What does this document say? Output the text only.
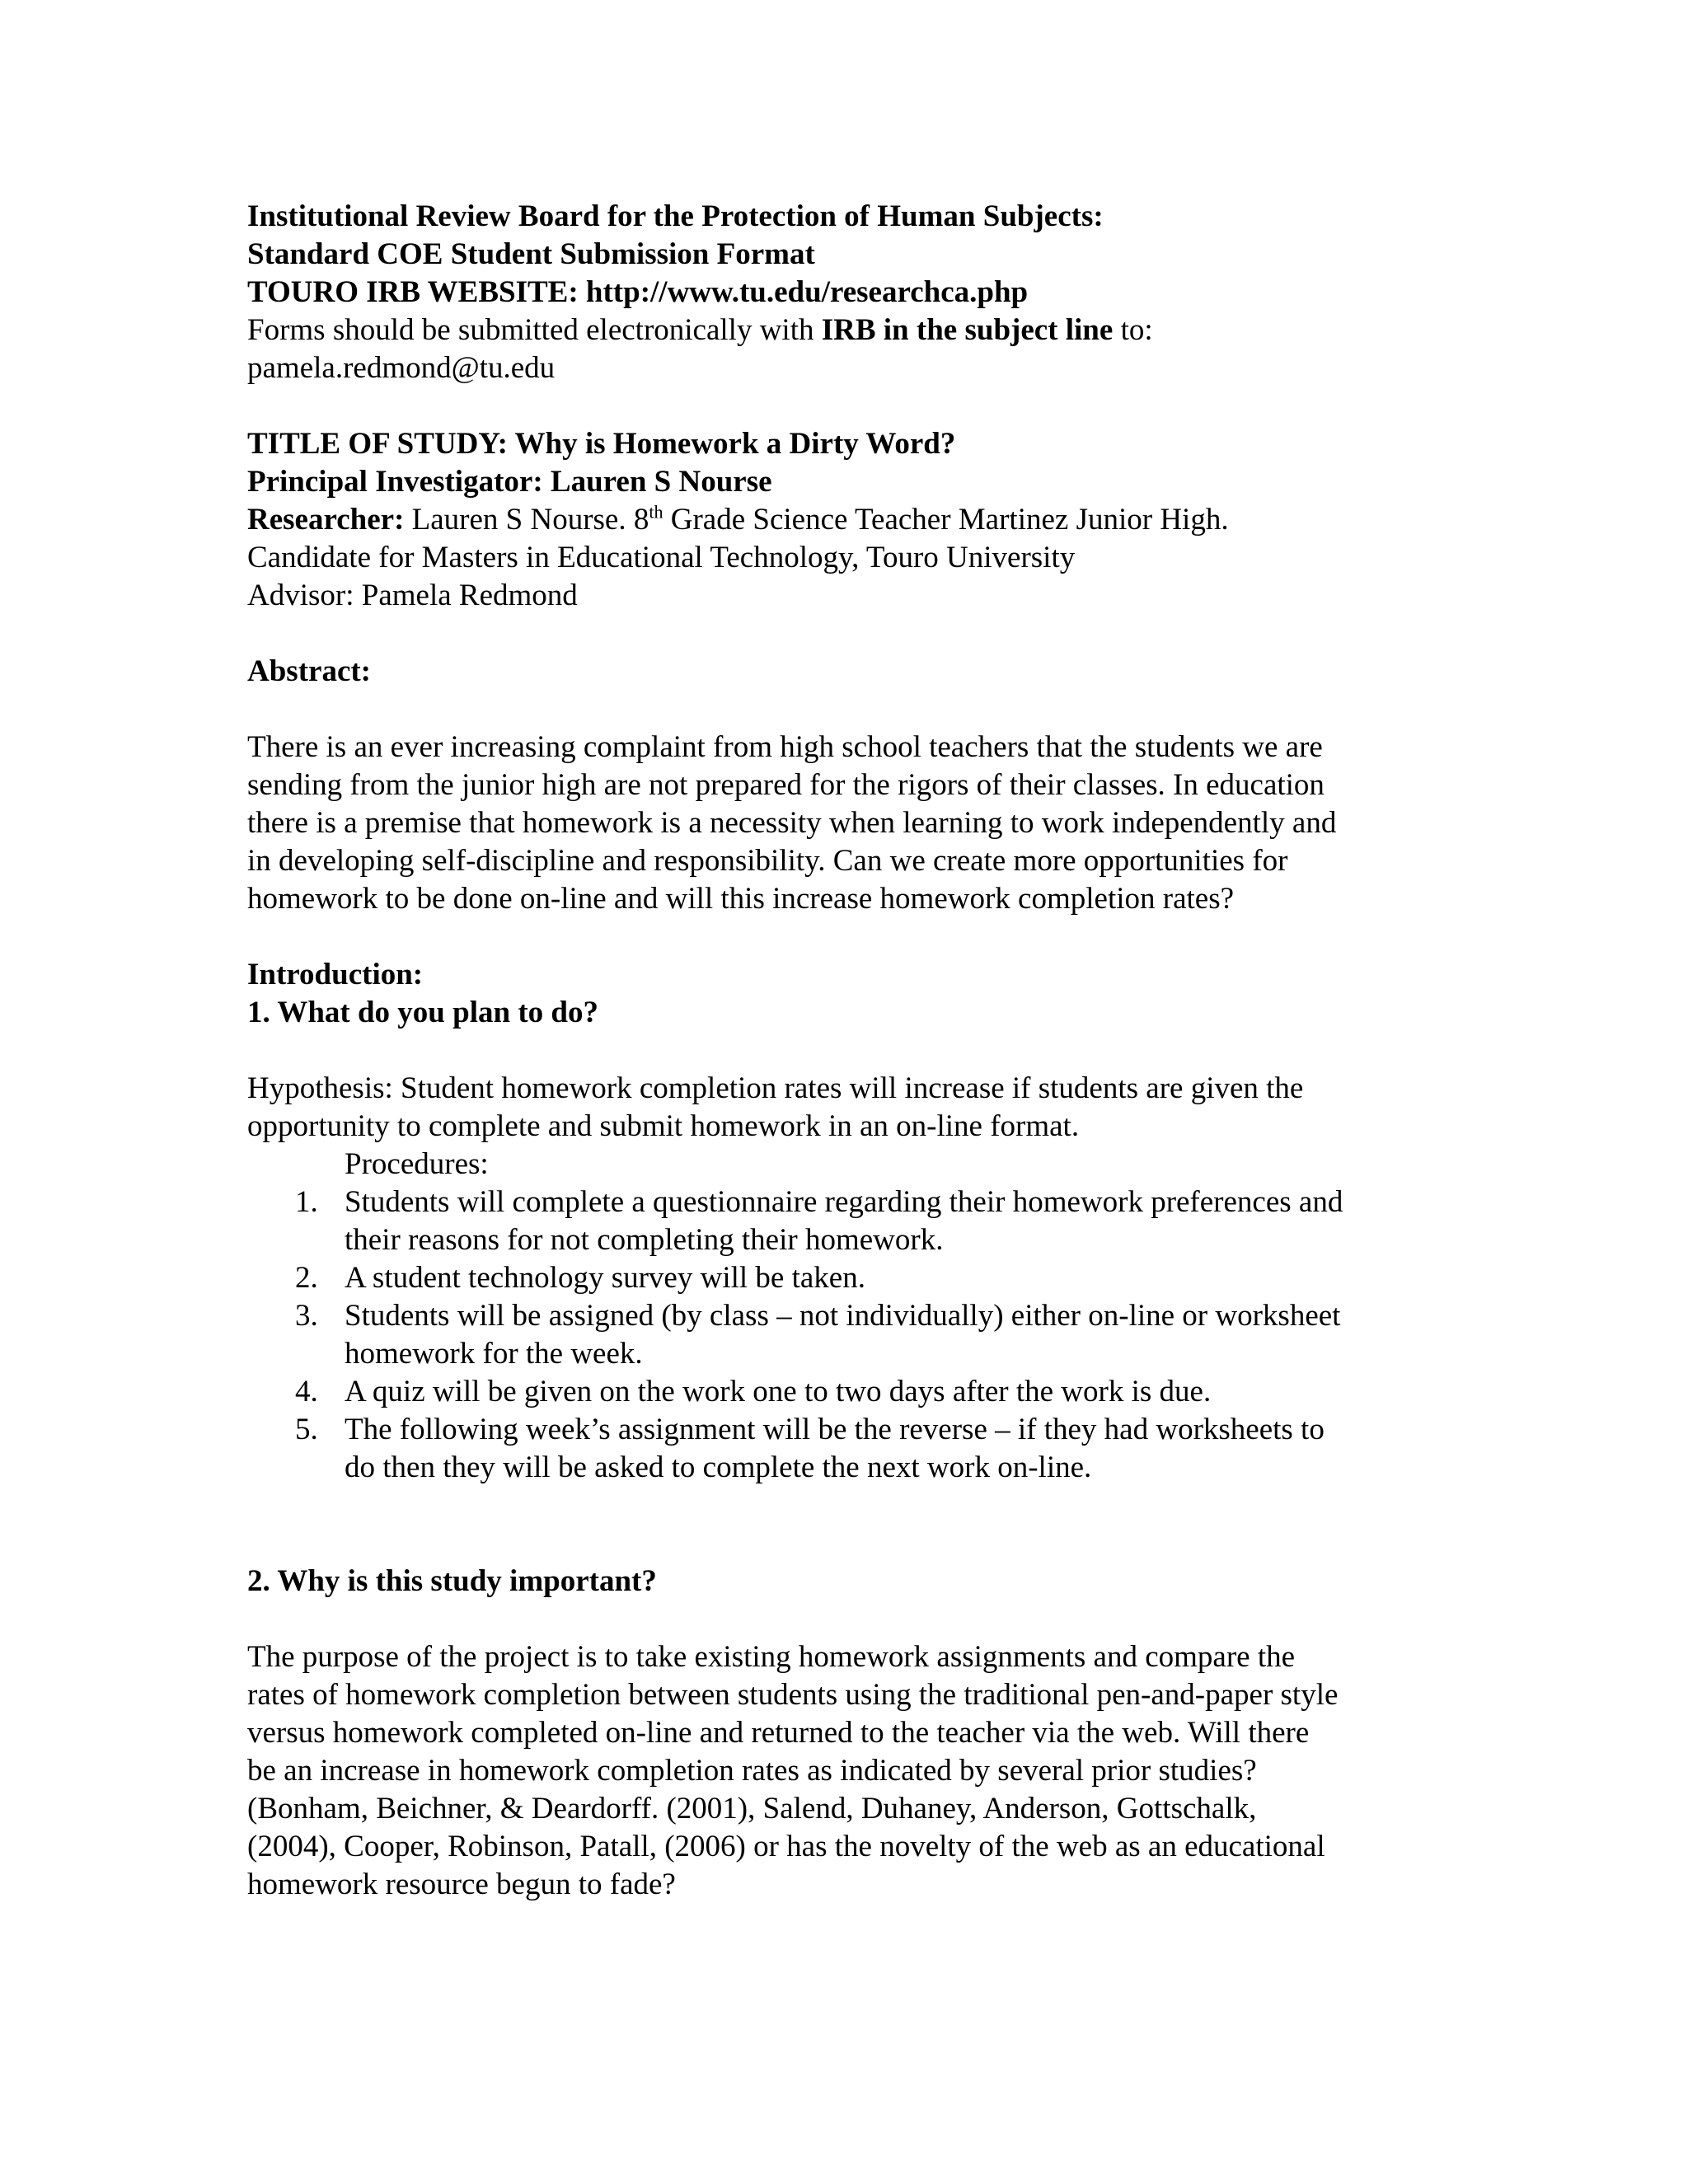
Institutional Review Board for the Protection of Human Subjects:
Standard COE Student Submission Format
TOURO IRB WEBSITE: http://www.tu.edu/researchca.php
Forms should be submitted electronically with IRB in the subject line to:
pamela.redmond@tu.edu
TITLE OF STUDY: Why is Homework a Dirty Word?
Principal Investigator: Lauren S Nourse
Researcher: Lauren S Nourse. 8th Grade Science Teacher Martinez Junior High.
Candidate for Masters in Educational Technology, Touro University
Advisor: Pamela Redmond
Abstract:
There is an ever increasing complaint from high school teachers that the students we are
sending from the junior high are not prepared for the rigors of their classes. In education
there is a premise that homework is a necessity when learning to work independently and
in developing self-discipline and responsibility. Can we create more opportunities for
homework to be done on-line and will this increase homework completion rates?
Introduction:
1. What do you plan to do?
Hypothesis: Student homework completion rates will increase if students are given the
opportunity to complete and submit homework in an on-line format.
Procedures:
1. Students will complete a questionnaire regarding their homework preferences and
their reasons for not completing their homework.
2. A student technology survey will be taken.
3. Students will be assigned (by class – not individually) either on-line or worksheet
homework for the week.
4. A quiz will be given on the work one to two days after the work is due.
5. The following week’s assignment will be the reverse – if they had worksheets to
do then they will be asked to complete the next work on-line.
2. Why is this study important?
The purpose of the project is to take existing homework assignments and compare the
rates of homework completion between students using the traditional pen-and-paper style
versus homework completed on-line and returned to the teacher via the web. Will there
be an increase in homework completion rates as indicated by several prior studies?
(Bonham, Beichner, & Deardorff. (2001), Salend, Duhaney, Anderson, Gottschalk,
(2004), Cooper, Robinson, Patall, (2006) or has the novelty of the web as an educational
homework resource begun to fade?
